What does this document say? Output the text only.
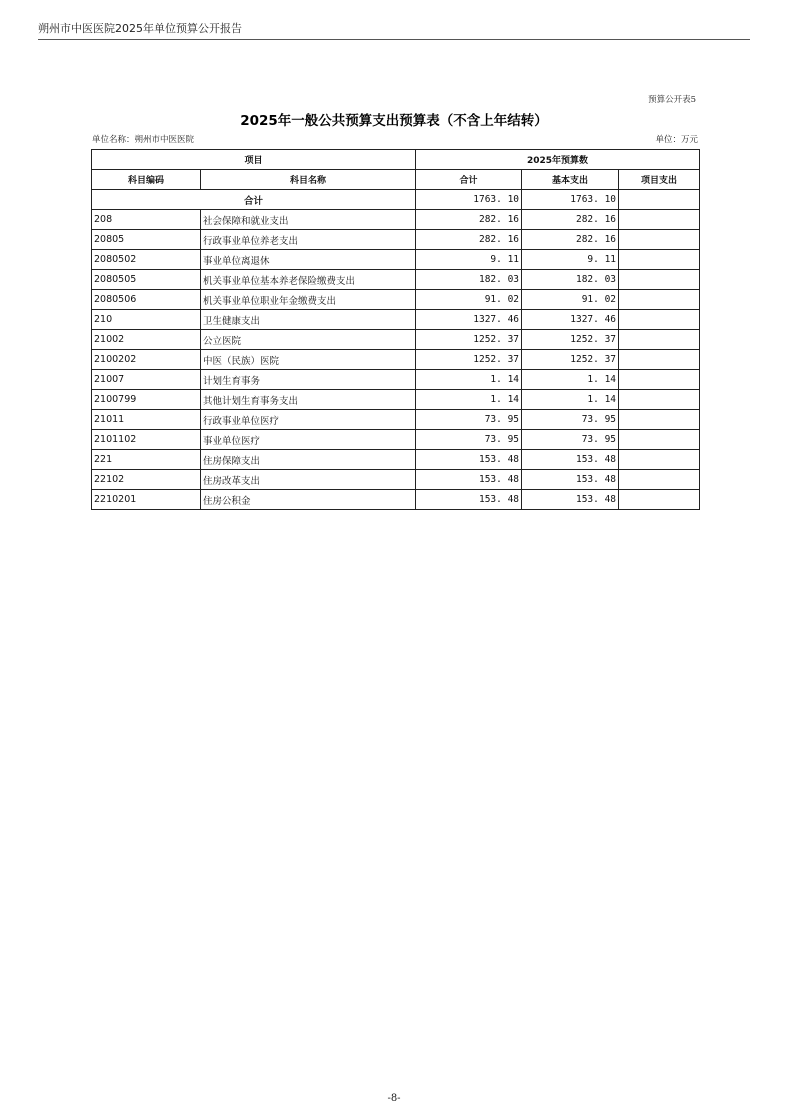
朔州市中医医院2025年单位预算公开报告
预算公开表5
2025年一般公共预算支出预算表（不含上年结转）
单位名称：朔州市中医医院	单位：万元
项目		2025年预算数		
科目编码	科目名称	合计	基本支出	项目支出
合计		1763. 10	1763. 10	
208	社会保障和就业支出	282. 16	282. 16	
20805	行政事业单位养老支出	282. 16	282. 16	
2080502	事业单位离退休	9. 11	9. 11	
2080505	机关事业单位基本养老保险缴费支出	182. 03	182. 03	
2080506	机关事业单位职业年金缴费支出	91. 02	91. 02	
210	卫生健康支出	1327. 46	1327. 46	
21002	公立医院	1252. 37	1252. 37	
2100202	中医（民族）医院	1252. 37	1252. 37	
21007	计划生育事务	1. 14	1. 14	
2100799	其他计划生育事务支出	1. 14	1. 14	
21011	行政事业单位医疗	73. 95	73. 95	
2101102	事业单位医疗	73. 95	73. 95	
221	住房保障支出	153. 48	153. 48	
22102	住房改革支出	153. 48	153. 48	
2210201	住房公积金	153. 48	153. 48	
-8-
